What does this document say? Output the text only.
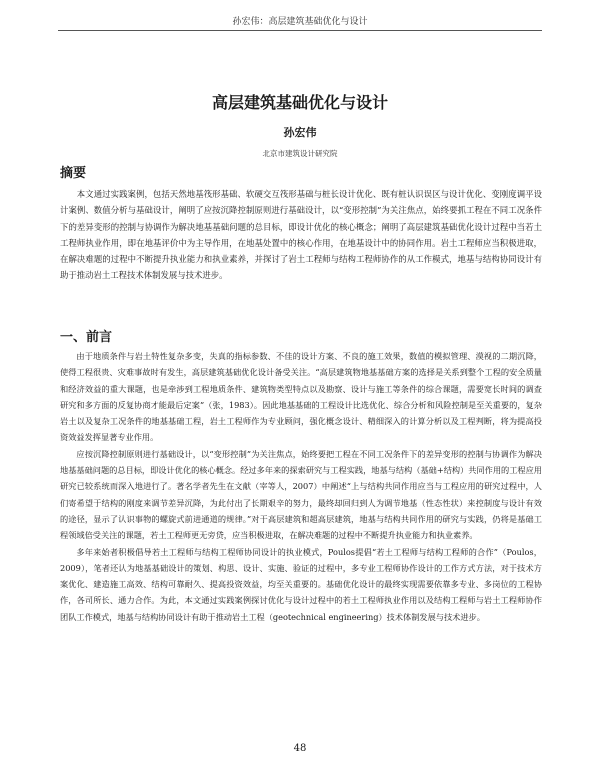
孙宏伟：高层建筑基础优化与设计
高层建筑基础优化与设计
孙宏伟
北京市建筑设计研究院
摘要

本文通过实践案例，包括天然地基筏形基础、软硬交互筏形基础与桩长设计优化、既有桩认识误区与设计优化、变刚度调平设计案例、数值分析与基础设计，阐明了应按沉降控制原则进行基础设计，以“变形控制”为关注焦点，始终要抓工程在不同工况条件下的差异变形的控制与协调作为解决地基基础问题的总目标，即设计优化的核心概念；阐明了高层建筑基础优化设计过程中当若土工程师执业作用，即在地基评价中为主导作用，在地基处置中的核心作用，在地基设计中的协同作用。岩土工程师应当积极进取，在解决难题的过程中不断提升执业能力和执业素养，并探讨了岩土工程师与结构工程师协作的从工作模式，地基与结构协同设计有助于推动岩土工程技术体制发展与技术进步。

一、前言

由于地质条件与岩土特性复杂多变，失真的指标参数、不佳的设计方案、不良的施工效果，数值的模拟管理、漠视的二期沉降，使得工程很贵、灾难事故时有发生，高层建筑基础优化设计备受关注。“高层建筑物地基基础方案的选择是关系到整个工程的安全质量和经济效益的重大课题，也是牵涉到工程地质条件、建筑物类型特点以及勘察、设计与施工等条件的综合课题，需要宽长时间的调查研究和多方面的反复协商才能最后定案”（张，1983）。因此地基基础的工程设计比选优化、综合分析和风险控制是至关重要的，复杂岩土以及复杂工况条件的地基基础工程，岩土工程师作为专业顾问，强化概念设计、精细深入的计算分析以及工程判断，将为提高投资效益发挥显著专业作用。

应按沉降控制原则进行基础设计，以“变形控制”为关注焦点，始终要把工程在不同工况条件下的差异变形的控制与协调作为解决地基基础问题的总目标，即设计优化的核心概念。经过多年来的探索研究与工程实践，地基与结构（基础+结构）共同作用的工程应用研究已较系统而深入地进行了。著名学者先生在文献（宰等人，2007）中阐述“上与结构共同作用应当与工程应用的研究过程中，人们寄希望于结构的刚度来调节差异沉降，为此付出了长期艰辛的努力，最终却回归到人为调节地基（性态性状）来控制度与设计有效的途径，显示了认识事物的螺旋式前进通道的规律。”对于高层建筑和超高层建筑，地基与结构共同作用的研究与实践，仍将是基础工程领域倍受关注的课题，若土工程师更无旁贷，应当积极进取，在解决难题的过程中不断提升执业能力和执业素养。

多年来始者积极倡导若土工程师与结构工程师协同设计的执业模式，Poulos提倡“若土工程师与结构工程师的合作”（Poulos，2009），笔者还认为地基基础设计的策划、构思、设计、实施、验证的过程中，多专业工程师协作设计的工作方式方法，对于技术方案优化、建造施工高效、结构可靠耐久、提高投资效益，均至关重要的。基础优化设计的最终实现需要依靠多专业、多岗位的工程协作，各司所长、通力合作。为此，本文通过实践案例探讨优化与设计过程中的若土工程师执业作用以及结构工程师与岩土工程师协作团队工作模式，地基与结构协同设计有助于推动岩土工程（geotechnical engineering）技术体制发展与技术进步。

48
